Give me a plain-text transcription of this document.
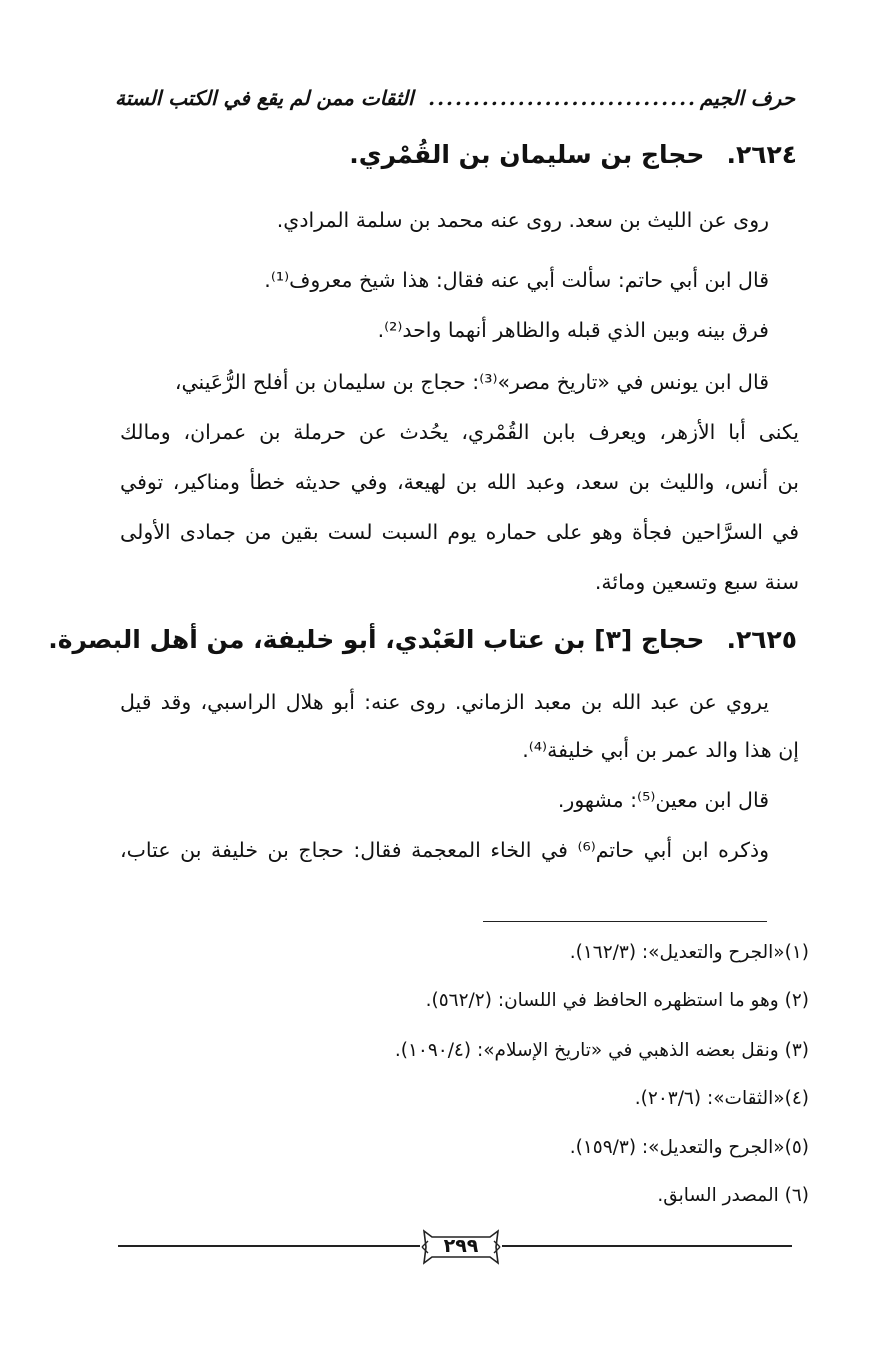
حرف الجيم
..............................
الثقات ممن لم يقع في الكتب الستة
٢٦٢٤.حجاج بن سليمان بن القُمْري.
روى عن الليث بن سعد. روى عنه محمد بن سلمة المرادي.
قال ابن أبي حاتم: سألت أبي عنه فقال: هذا شيخ معروف⁽¹⁾.
فرق بينه وبين الذي قبله والظاهر أنهما واحد⁽²⁾.
قال ابن يونس في «تاريخ مصر»⁽³⁾: حجاج بن سليمان بن أفلح الرُّعَيني،
يكنى أبا الأزهر، ويعرف بابن القُمْري، يحُدث عن حرملة بن عمران، ومالك
بن أنس، والليث بن سعد، وعبد الله بن لهيعة، وفي حديثه خطأ ومناكير، توفي
في السرَّاحين فجأة وهو على حماره يوم السبت لست بقين من جمادى الأولى
سنة سبع وتسعين ومائة.
٢٦٢٥.حجاج [٣] بن عتاب العَبْدي، أبو خليفة، من أهل البصرة.
يروي عن عبد الله بن معبد الزماني. روى عنه: أبو هلال الراسبي، وقد قيل
إن هذا والد عمر بن أبي خليفة⁽⁴⁾.
قال ابن معين⁽⁵⁾: مشهور.
وذكره ابن أبي حاتم⁽⁶⁾ في الخاء المعجمة فقال: حجاج بن خليفة بن عتاب،
(١)«الجرح والتعديل»: (١٦٢/٣).
(٢) وهو ما استظهره الحافظ في اللسان: (٥٦٢/٢).
(٣) ونقل بعضه الذهبي في «تاريخ الإسلام»: (١٠٩٠/٤).
(٤)«الثقات»: (٢٠٣/٦).
(٥)«الجرح والتعديل»: (١٥٩/٣).
(٦) المصدر السابق.
٢٩٩
